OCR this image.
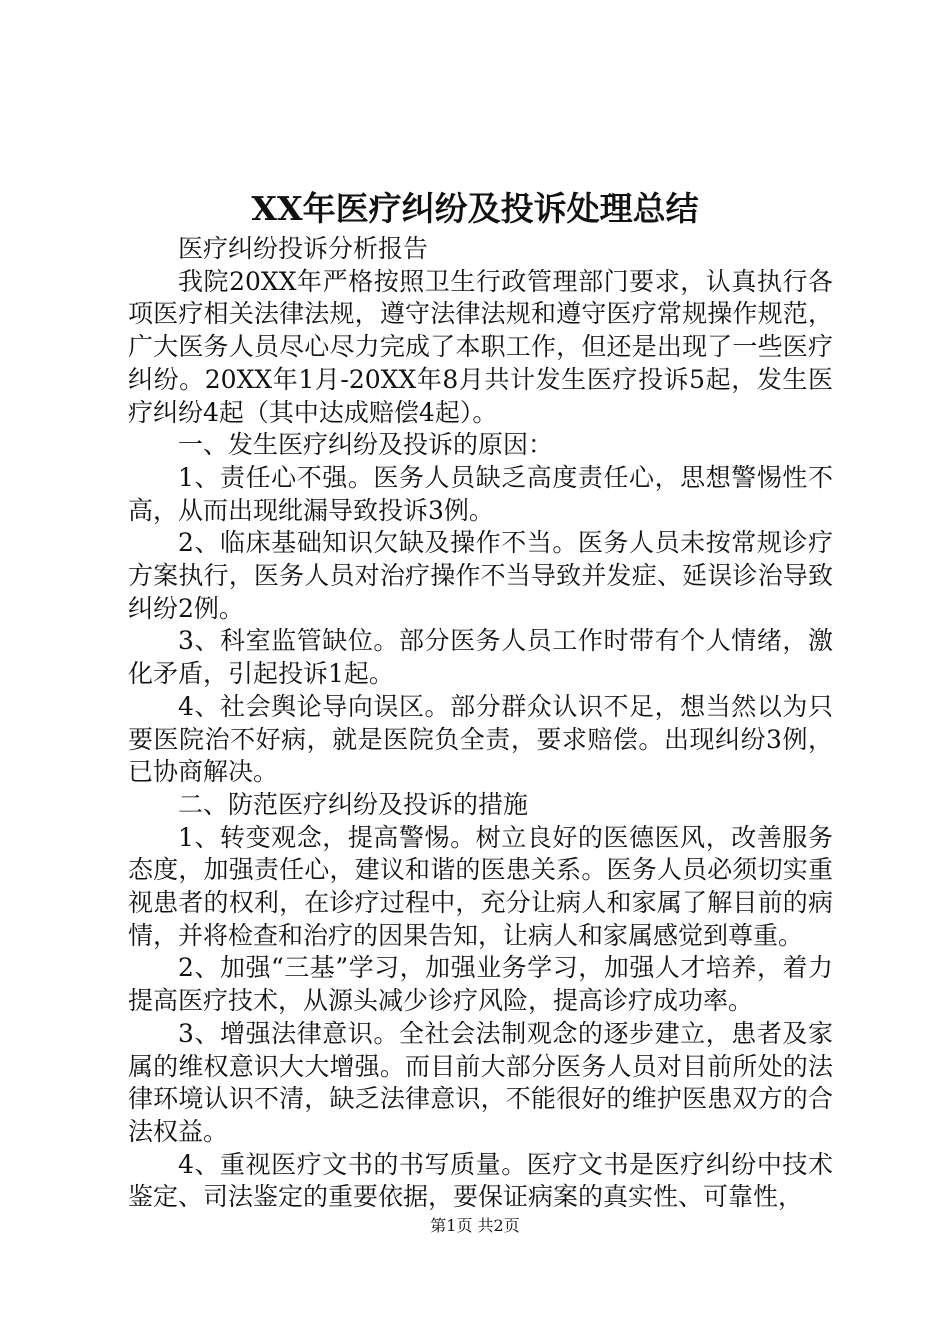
XX年医疗纠纷及投诉处理总结

医疗纠纷投诉分析报告

我院20XX年严格按照卫生行政管理部门要求，认真执行各项医疗相关法律法规，遵守法律法规和遵守医疗常规操作规范，广大医务人员尽心尽力完成了本职工作，但还是出现了一些医疗纠纷。20XX年1月-20XX年8月共计发生医疗投诉5起，发生医疗纠纷4起（其中达成赔偿4起）。

一、发生医疗纠纷及投诉的原因：

1、责任心不强。医务人员缺乏高度责任心，思想警惕性不高，从而出现纰漏导致投诉3例。

2、临床基础知识欠缺及操作不当。医务人员未按常规诊疗方案执行，医务人员对治疗操作不当导致并发症、延误诊治导致纠纷2例。

3、科室监管缺位。部分医务人员工作时带有个人情绪，激化矛盾，引起投诉1起。

4、社会舆论导向误区。部分群众认识不足，想当然以为只要医院治不好病，就是医院负全责，要求赔偿。出现纠纷3例，已协商解决。

二、防范医疗纠纷及投诉的措施

1、转变观念，提高警惕。树立良好的医德医风，改善服务态度，加强责任心，建议和谐的医患关系。医务人员必须切实重视患者的权利，在诊疗过程中，充分让病人和家属了解目前的病情，并将检查和治疗的因果告知，让病人和家属感觉到尊重。

2、加强“三基”学习，加强业务学习，加强人才培养，着力提高医疗技术，从源头减少诊疗风险，提高诊疗成功率。

3、增强法律意识。全社会法制观念的逐步建立，患者及家属的维权意识大大增强。而目前大部分医务人员对目前所处的法律环境认识不清，缺乏法律意识，不能很好的维护医患双方的合法权益。

4、重视医疗文书的书写质量。医疗文书是医疗纠纷中技术鉴定、司法鉴定的重要依据，要保证病案的真实性、可靠性，

第1页 共2页
